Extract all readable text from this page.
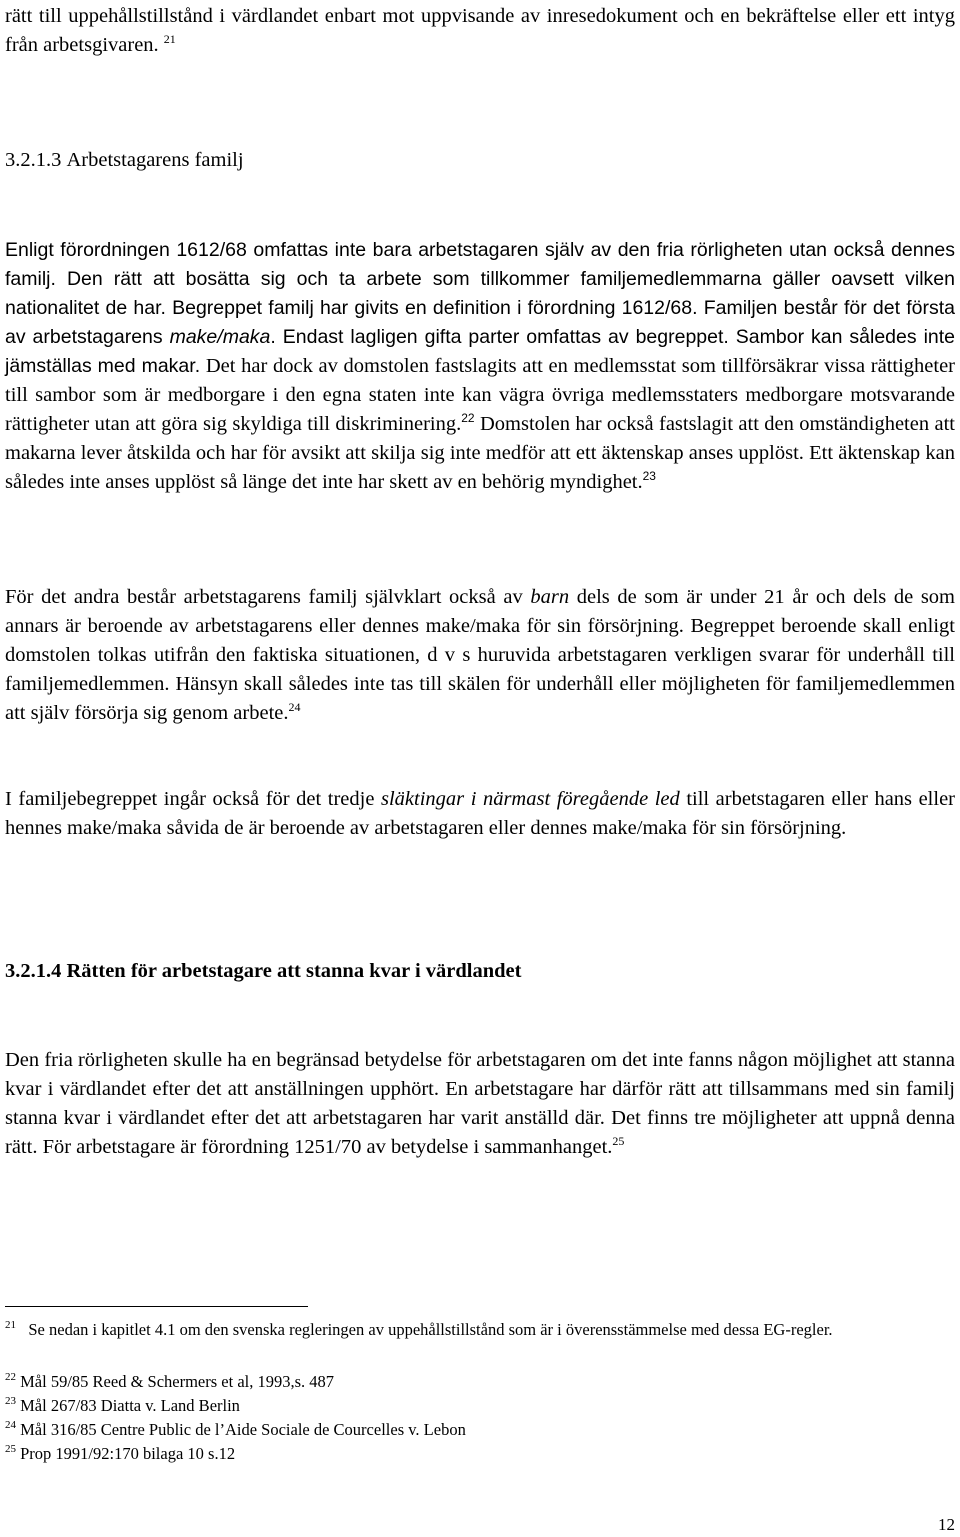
rätt till uppehållstillstånd i värdlandet enbart mot uppvisande av inresedokument och en bekräftelse eller ett intyg från arbetsgivaren. $^{21}$

3.2.1.3 Arbetstagarens familj

Enligt förordningen 1612/68 omfattas inte bara arbetstagaren själv av den fria rörligheten utan också dennes familj. Den rätt att bosätta sig och ta arbete som tillkommer familjemedlemmarna gäller oavsett vilken nationalitet de har. Begreppet familj har givits en definition i förordning 1612/68. Familjen består för det första av arbetstagarens make/maka. Endast lagligen gifta parter omfattas av begreppet. Sambor kan således inte jämställas med makar. Det har dock av domstolen fastslagits att en medlemsstat som tillförsäkrar vissa rättigheter till sambor som är medborgare i den egna staten inte kan vägra övriga medlemsstaters medborgare motsvarande rättigheter utan att göra sig skyldiga till diskriminering.$^{22}$ Domstolen har också fastslagit att den omständigheten att makarna lever åtskilda och har för avsikt att skilja sig inte medför att ett äktenskap anses upplöst. Ett äktenskap kan således inte anses upplöst så länge det inte har skett av en behörig myndighet.$^{23}$

För det andra består arbetstagarens familj självklart också av barn dels de som är under 21 år och dels de som annars är beroende av arbetstagarens eller dennes make/maka för sin försörjning. Begreppet beroende skall enligt domstolen tolkas utifrån den faktiska situationen, d v s huruvida arbetstagaren verkligen svarar för underhåll till familjemedlemmen. Hänsyn skall således inte tas till skälen för underhåll eller möjligheten för familjemedlemmen att själv försörja sig genom arbete.$^{24}$

I familjebegreppet ingår också för det tredje släktingar i närmast föregående led till arbetstagaren eller hans eller hennes make/maka såvida de är beroende av arbetstagaren eller dennes make/maka för sin försörjning.

3.2.1.4 Rätten för arbetstagare att stanna kvar i värdlandet

Den fria rörligheten skulle ha en begränsad betydelse för arbetstagaren om det inte fanns någon möjlighet att stanna kvar i värdlandet efter det att anställningen upphört. En arbetstagare har därför rätt att tillsammans med sin familj stanna kvar i värdlandet efter det att arbetstagaren har varit anställd där. Det finns tre möjligheter att uppnå denna rätt. För arbetstagare är förordning 1251/70 av betydelse i sammanhanget.$^{25}$

$^{21}$ Se nedan i kapitlet 4.1 om den svenska regleringen av uppehållstillstånd som är i överensstämmelse med dessa EG-regler.

$^{22}$ Mål 59/85 Reed & Schermers et al, 1993,s. 487

$^{23}$ Mål 267/83 Diatta v. Land Berlin

$^{24}$ Mål 316/85 Centre Public de l’Aide Sociale de Courcelles v. Lebon

$^{25}$ Prop 1991/92:170 bilaga 10 s.12

12
